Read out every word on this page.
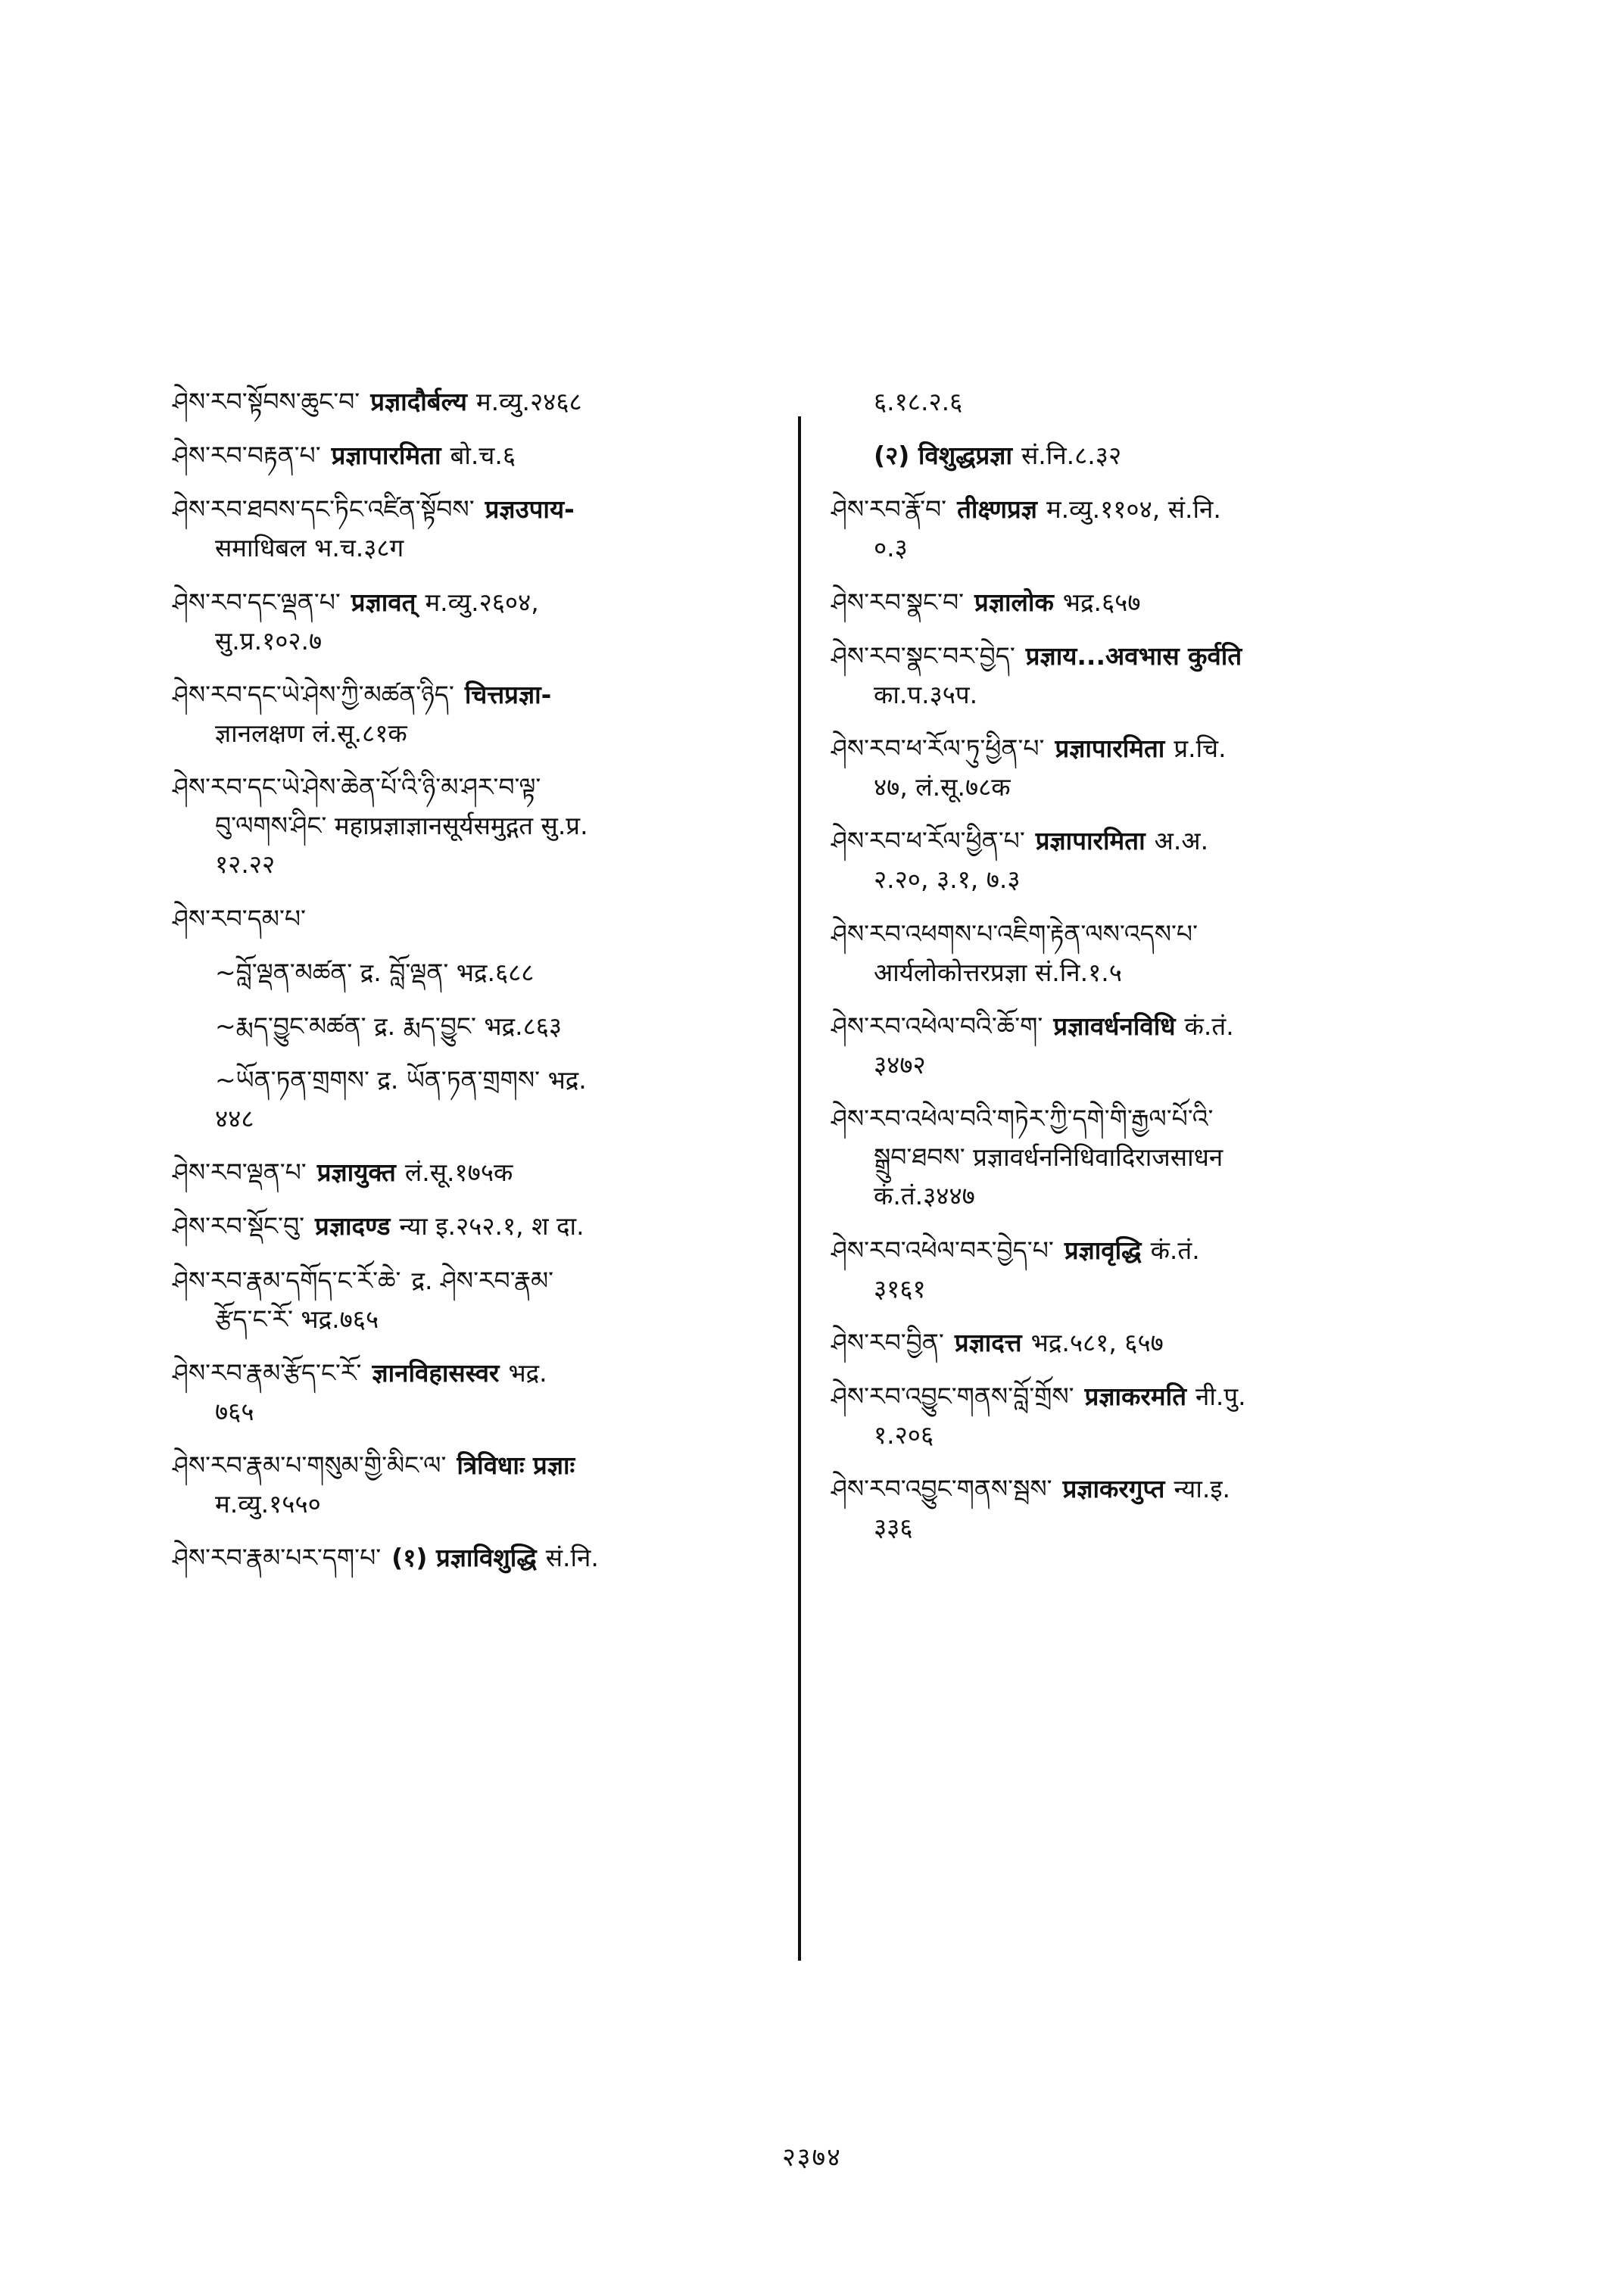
ཤེས་རབ་སྟོབས་ཆུང་བ་ प्रज्ञादौर्बल्य म.व्यु.२४६८
ཤེས་རབ་བརྟན་པ་ प्रज्ञापारमिता बो.च.६
ཤེས་རབ་ཐབས་དང་ཏིང་འཛིན་སྟོབས་ प्रज्ञउपाय-
समाधिबल भ.च.३८ग
ཤེས་རབ་དང་ལྡན་པ་ प्रज्ञावत् म.व्यु.२६०४,
सु.प्र.१०२.७
ཤེས་རབ་དང་ཡེ་ཤེས་ཀྱི་མཚན་ཉིད་ चित्तप्रज्ञा-
ज्ञानलक्षण लं.सू.८१क
ཤེས་རབ་དང་ཡེ་ཤེས་ཆེན་པོ་འི་ཉི་མ་ཤར་བ་ལྟ་
བུ་ལགས་ཤིང་ महाप्रज्ञाज्ञानसूर्यसमुद्गत सु.प्र.
१२.२२
ཤེས་རབ་དམ་པ་
~བློ་ལྡན་མཚན་ द्र. བློ་ལྡན་ भद्र.६८८
~རྨད་བྱུང་མཚན་ द्र. རྨད་བྱུང་ भद्र.८६३
~ཡོན་ཏན་གྲགས་ द्र. ཡོན་ཏན་གྲགས་ भद्र.
४४८
ཤེས་རབ་ལྡན་པ་ प्रज्ञायुक्त लं.सू.१७५क
ཤེས་རབ་སྡོང་བུ་ प्रज्ञादण्ड न्या इ.२५२.१, श दा.
ཤེས་རབ་རྣམ་དགོད་ང་རོ་ཆེ་ द्र. ཤེས་རབ་རྣམ་
རྩོད་ང་རོ་ भद्र.७६५
ཤེས་རབ་རྣམ་རྩོད་ང་རོ་ ज्ञानविहासस्वर भद्र.
७६५
ཤེས་རབ་རྣམ་པ་གསུམ་གྱི་མིང་ལ་ त्रिविधाः प्रज्ञाः
म.व्यु.१५५०
ཤེས་རབ་རྣམ་པར་དག་པ་ (१) प्रज्ञाविशुद्धि सं.नि.
६.१८.२.६
(२) विशुद्धप्रज्ञा सं.नि.८.३२
ཤེས་རབ་རྣོ་བ་ तीक्ष्णप्रज्ञ म.व्यु.११०४, सं.नि.
०.३
ཤེས་རབ་སྣང་བ་ प्रज्ञालोक भद्र.६५७
ཤེས་རབ་སྣང་བར་བྱེད་ प्रज्ञाय...अवभास कुर्वति
का.प.३५प.
ཤེས་རབ་ཕ་རོལ་ཏུ་ཕྱིན་པ་ प्रज्ञापारमिता प्र.चि.
४७, लं.सू.७८क
ཤེས་རབ་ཕ་རོལ་ཕྱིན་པ་ प्रज्ञापारमिता अ.अ.
२.२०, ३.१, ७.३
ཤེས་རབ་འཕགས་པ་འཇིག་རྟེན་ལས་འདས་པ་
आर्यलोकोत्तरप्रज्ञा सं.नि.१.५
ཤེས་རབ་འཕེལ་བའི་ཆོ་ག་ प्रज्ञावर्धनविधि कं.तं.
३४७२
ཤེས་རབ་འཕེལ་བའི་གཏེར་ཀྱི་དགེ་གི་རྒྱལ་པོ་འི་
སྒྲུབ་ཐབས་ प्रज्ञावर्धननिधिवादिराजसाधन
कं.तं.३४४७
ཤེས་རབ་འཕེལ་བར་བྱེད་པ་ प्रज्ञावृद्धि कं.तं.
३१६१
ཤེས་རབ་བྱིན་ प्रज्ञादत्त भद्र.५८१, ६५७
ཤེས་རབ་འབྱུང་གནས་བློ་གྲོས་ प्रज्ञाकरमति नी.पु.
१.२०६
ཤེས་རབ་འབྱུང་གནས་སྦས་ प्रज्ञाकरगुप्त न्या.इ.
३३६
२३७४
